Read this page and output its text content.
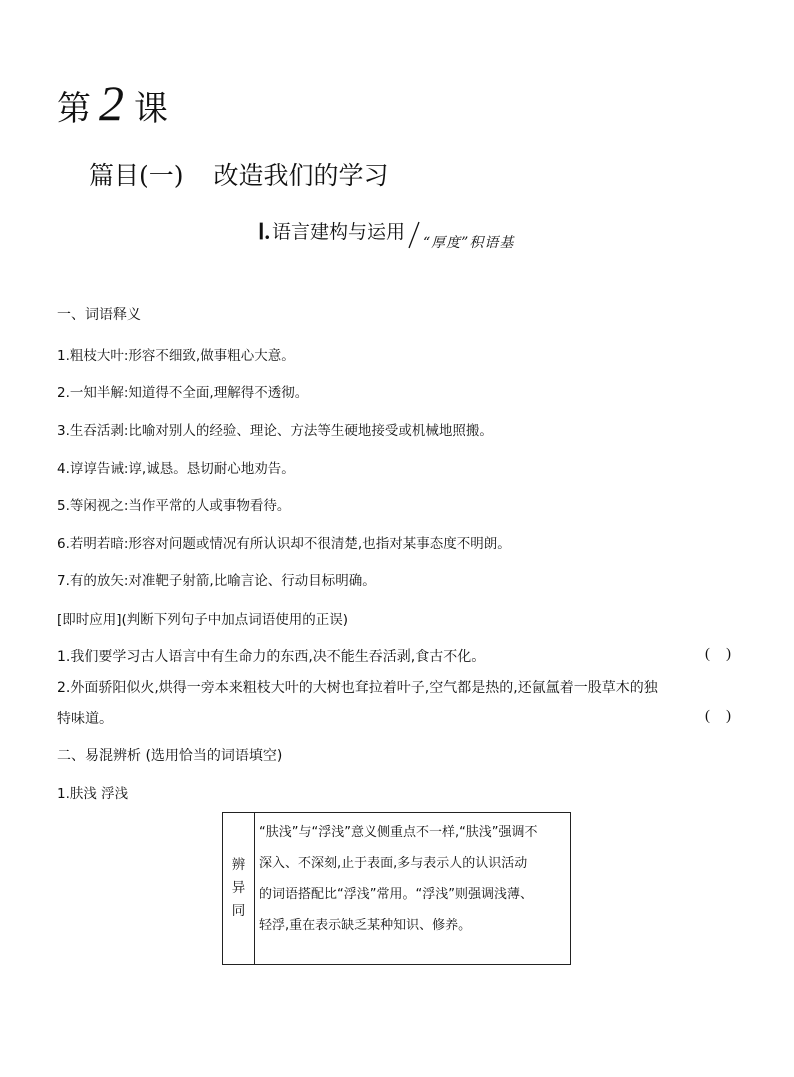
第 2 课
篇目(一) 改造我们的学习
Ⅰ. 语言建构与运用 “厚度”积语基
一、词语释义
1.粗枝大叶:形容不细致,做事粗心大意。
2.一知半解:知道得不全面,理解得不透彻。
3.生吞活剥:比喻对别人的经验、理论、方法等生硬地接受或机械地照搬。
4.谆谆告诫:谆,诚恳。恳切耐心地劝告。
5.等闲视之:当作平常的人或事物看待。
6.若明若暗:形容对问题或情况有所认识却不很清楚,也指对某事态度不明朗。
7.有的放矢:对准靶子射箭,比喻言论、行动目标明确。
[即时应用](判断下列句子中加点词语使用的正误)
1.我们要学习古人语言中有生命力的东西,决不能生吞活剥,食古不化。	()
2.外面骄阳似火,烘得一旁本来粗枝大叶的大树也耷拉着叶子,空气都是热的,还氤氲着一股草木的独
特味道。	()
二、易混辨析 (选用恰当的词语填空)
1.肤浅 浮浅
辨
异
同
“肤浅”与“浮浅”意义侧重点不一样,“肤浅”强调不
深入、不深刻,止于表面,多与表示人的认识活动
的词语搭配比“浮浅”常用。“浮浅”则强调浅薄、
轻浮,重在表示缺乏某种知识、修养。
